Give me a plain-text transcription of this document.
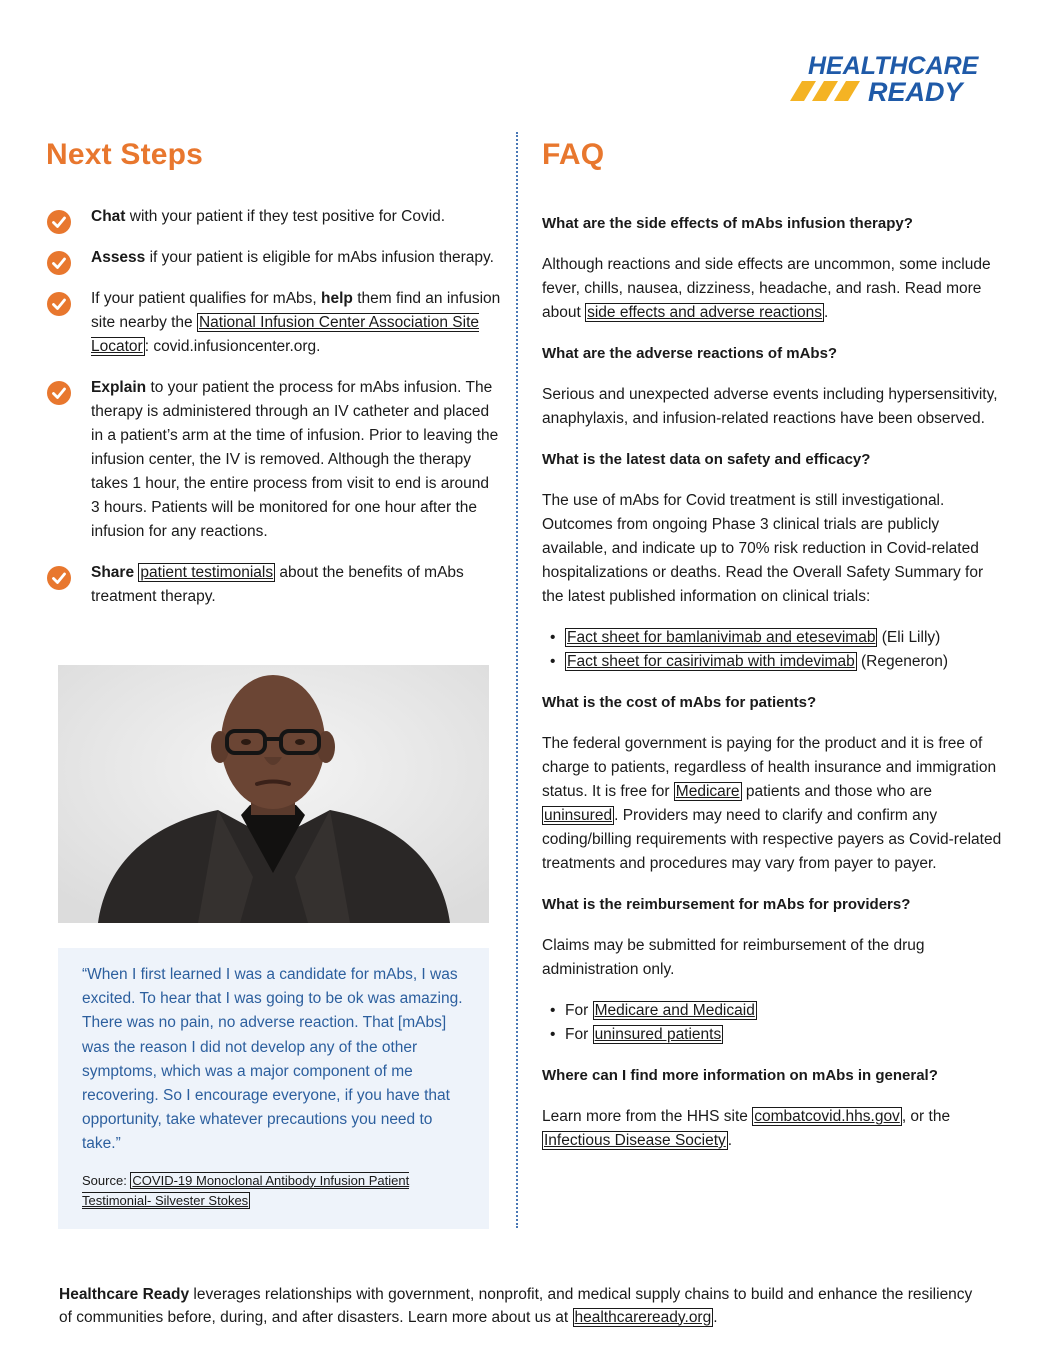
HEALTHCARE
READY
Next Steps	FAQ
Chat with your patient if they test positive for Covid.
Assess if your patient is eligible for mAbs infusion therapy.
If your patient qualifies for mAbs, help them find an infusion site nearby the National Infusion Center Association Site Locator : covid.infusioncenter.org.
Explain to your patient the process for mAbs infusion. The therapy is administered through an IV catheter and placed in a patient’s arm at the time of infusion. Prior to leaving the infusion center, the IV is removed. Although the therapy takes 1 hour, the entire process from visit to end is around 3 hours. Patients will be monitored for one hour after the infusion for any reactions.
Share patient testimonials about the benefits of mAbs treatment therapy.

“When I first learned I was a candidate for mAbs, I was excited. To hear that I was going to be ok was amazing. There was no pain, no adverse reaction. That [mAbs] was the reason I did not develop any of the other symptoms, which was a major component of me recovering. So I encourage everyone, if you have that opportunity, take whatever precautions you need to take.”

Source: COVID-19 Monoclonal Antibody Infusion Patient Testimonial- Silvester Stokes

What are the side effects of mAbs infusion therapy?

Although reactions and side effects are uncommon, some include fever, chills, nausea, dizziness, headache, and rash. Read more about side effects and adverse reactions .

What are the adverse reactions of mAbs?

Serious and unexpected adverse events including hypersensitivity, anaphylaxis, and infusion-related reactions have been observed.

What is the latest data on safety and efficacy?

The use of mAbs for Covid treatment is still investigational. Outcomes from ongoing Phase 3 clinical trials are publicly available, and indicate up to 70% risk reduction in Covid-related hospitalizations or deaths. Read the Overall Safety Summary for the latest published information on clinical trials:

• Fact sheet for bamlanivimab and etesevimab (Eli Lilly)
• Fact sheet for casirivimab with imdevimab (Regeneron)

What is the cost of mAbs for patients?

The federal government is paying for the product and it is free of charge to patients, regardless of health insurance and immigration status. It is free for Medicare patients and those who are uninsured . Providers may need to clarify and confirm any coding/billing requirements with respective payers as Covid-related treatments and procedures may vary from payer to payer.

What is the reimbursement for mAbs for providers?

Claims may be submitted for reimbursement of the drug administration only.

• For Medicare and Medicaid
• For uninsured patients

Where can I find more information on mAbs in general?

Learn more from the HHS site combatcovid.hhs.gov , or the Infectious Disease Society .

Healthcare Ready leverages relationships with government, nonprofit, and medical supply chains to build and enhance the resiliency of communities before, during, and after disasters. Learn more about us at healthcareready.org .
